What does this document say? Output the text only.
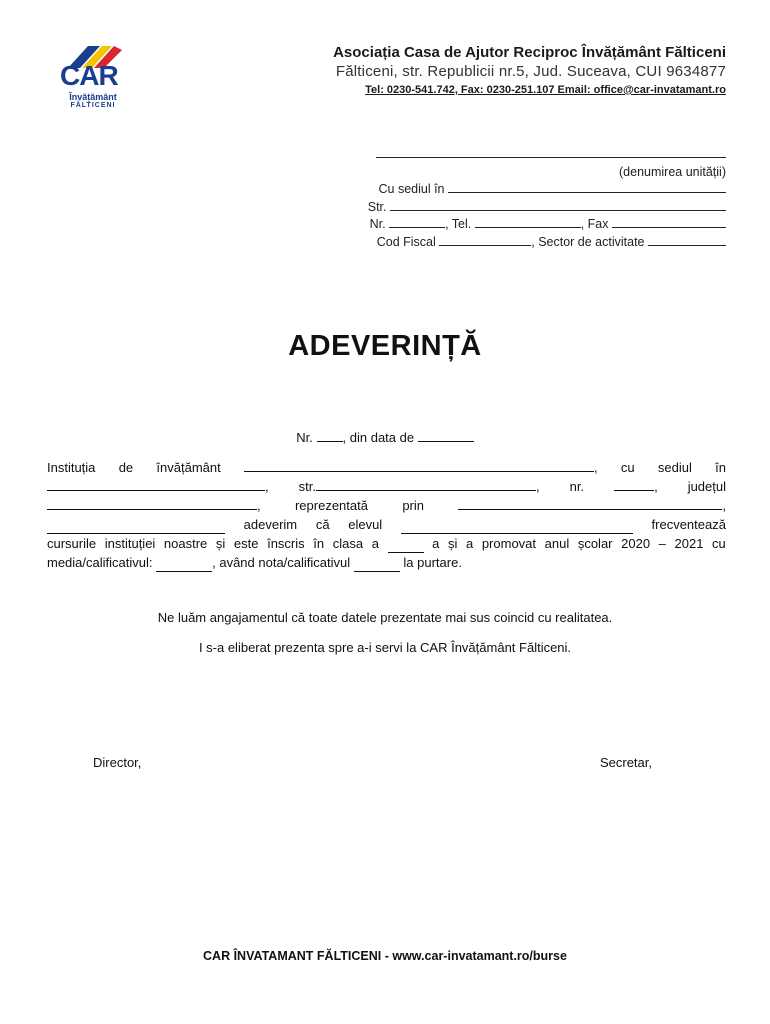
CAR
Învățământ
FĂLTICENI
Asociația Casa de Ajutor Reciproc Învățământ Fălticeni
Fălticeni, str. Republicii nr.5, Jud. Suceava, CUI 9634877
Tel: 0230-541.742, Fax: 0230-251.107 Email: office@car-invatamant.ro
(denumirea unității)
Cu sediul în
Str.
Nr.	, Tel.	, Fax
Cod Fiscal	, Sector de activitate
ADEVERINȚĂ
Nr. , din data de
Instituția de învățământ	, cu sediul în
, str.	, nr.	, județul
,	reprezentată	prin	,
adeverim că elevul	frecventează
cursurile instituției noastre și este înscris în clasa a	a și a promovat anul școlar 2020 – 2021 cu
media/calificativul:
	, având nota/calificativul

	la purtare.
Ne luăm angajamentul că toate datele prezentate mai sus coincid cu realitatea.
I s-a eliberat prezenta spre a-i servi la CAR Învățământ Fălticeni.
Director,	Secretar,
CAR ÎNVATAMANT FĂLTICENI - www.car-invatamant.ro/burse
